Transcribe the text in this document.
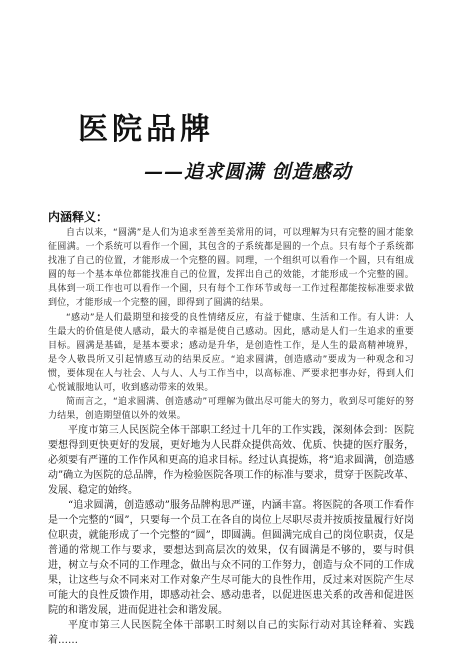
医院品牌
——追求圆满 创造感动
内涵释义：

自古以来，“圆满”是人们为追求至善至美常用的词，可以理解为只有完整的圆才能象征圆满。一个系统可以看作一个圆，其包含的子系统都是圆的一个点。只有每个子系统都找准了自己的位置，才能形成一个完整的圆。同理，一个组织可以看作一个圆，只有组成圆的每一个基本单位都能找准自己的位置，发挥出自己的效能，才能形成一个完整的圆。具体到一项工作也可以看作一个圆，只有每个工作环节或每一工作过程都能按标准要求做到位，才能形成一个完整的圆，即得到了圆满的结果。

“感动”是人们最期望和接受的良性情绪反应，有益于健康、生活和工作。有人讲：人生最大的价值是使人感动，最大的幸福是使自己感动。因此，感动是人们一生追求的重要目标。圆满是基础，是基本要求；感动是升华，是创造性工作，是人生的最高精神境界，是令人敬畏所又引起情感互动的结果反应。“追求圆满，创造感动”要成为一种观念和习惯，要体现在人与社会、人与人、人与工作当中，以高标准、严要求把事办好，得到人们心悦诚服地认可，收到感动带来的效果。

简而言之，“追求圆满、创造感动”可理解为做出尽可能大的努力，收到尽可能好的努力结果，创造期望值以外的效果。

平度市第三人民医院全体干部职工经过十几年的工作实践，深刻体会到：医院要想得到更快更好的发展，更好地为人民群众提供高效、优质、快捷的医疗服务，必须要有严谨的工作作风和更高的追求目标。经过认真提炼，将“追求圆满，创造感动”确立为医院的总品牌，作为检验医院各项工作的标准与要求，贯穿于医院改革、发展、稳定的始终。

“追求圆满，创造感动”服务品牌构思严谨，内涵丰富。将医院的各项工作看作是一个完整的“圆”，只要每一个员工在各自的岗位上尽职尽责并按质按量履行好岗位职责，就能形成了一个完整的“圆”，即圆满。但圆满完成自己的岗位职责，仅是普通的常规工作与要求，要想达到高层次的效果，仅有圆满是不够的，要与时俱进，树立与众不同的工作理念，做出与众不同的工作努力，创造与众不同的工作成果，让这些与众不同来对工作对象产生尽可能大的良性作用，反过来对医院产生尽可能大的良性反馈作用，即感动社会、感动患者，以促进医患关系的改善和促进医院的和谐发展，进而促进社会和谐发展。

平度市第三人民医院全体干部职工时刻以自己的实际行动对其诠释着、实践着……
